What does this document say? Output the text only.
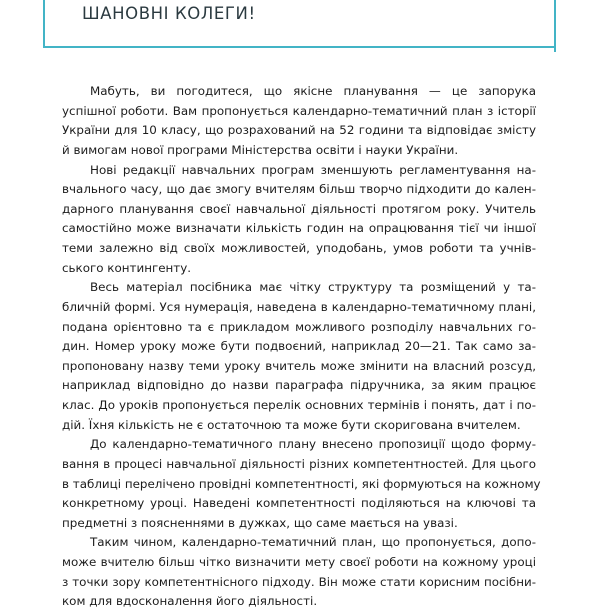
ШАНОВНІ КОЛЕГИ!
Мабуть, ви погодитеся, що якісне планування — це запорука
успішної роботи. Вам пропонується календарно-тематичний план з історії
України для 10 класу, що розрахований на 52 години та відповідає змісту
й вимогам нової програми Міністерства освіти і науки України.
Нові редакції навчальних програм зменшують регламентування на-
вчального часу, що дає змогу вчителям більш творчо підходити до кален-
дарного планування своєї навчальної діяльності протягом року. Учитель
самостійно може визначати кількість годин на опрацювання тієї чи іншої
теми залежно від своїх можливостей, уподобань, умов роботи та учнів-
ського контингенту.
Весь матеріал посібника має чітку структуру та розміщений у та-
бличній формі. Уся нумерація, наведена в календарно-тематичному плані,
подана орієнтовно та є прикладом можливого розподілу навчальних го-
дин. Номер уроку може бути подвоєний, наприклад 20—21. Так само за-
пропоновану назву теми уроку вчитель може змінити на власний розсуд,
наприклад відповідно до назви параграфа підручника, за яким працює
клас. До уроків пропонується перелік основних термінів і понять, дат і по-
дій. Їхня кількість не є остаточною та може бути скоригована вчителем.
До календарно-тематичного плану внесено пропозиції щодо форму-
вання в процесі навчальної діяльності різних компетентностей. Для цього
в таблиці перелічено провідні компетентності, які формуються на кожному
конкретному уроці. Наведені компетентності поділяються на ключові та
предметні з поясненнями в дужках, що саме мається на увазі.
Таким чином, календарно-тематичний план, що пропонується, допо-
може вчителю більш чітко визначити мету своєї роботи на кожному уроці
з точки зору компетентнісного підходу. Він може стати корисним посібни-
ком для вдосконалення його діяльності.
